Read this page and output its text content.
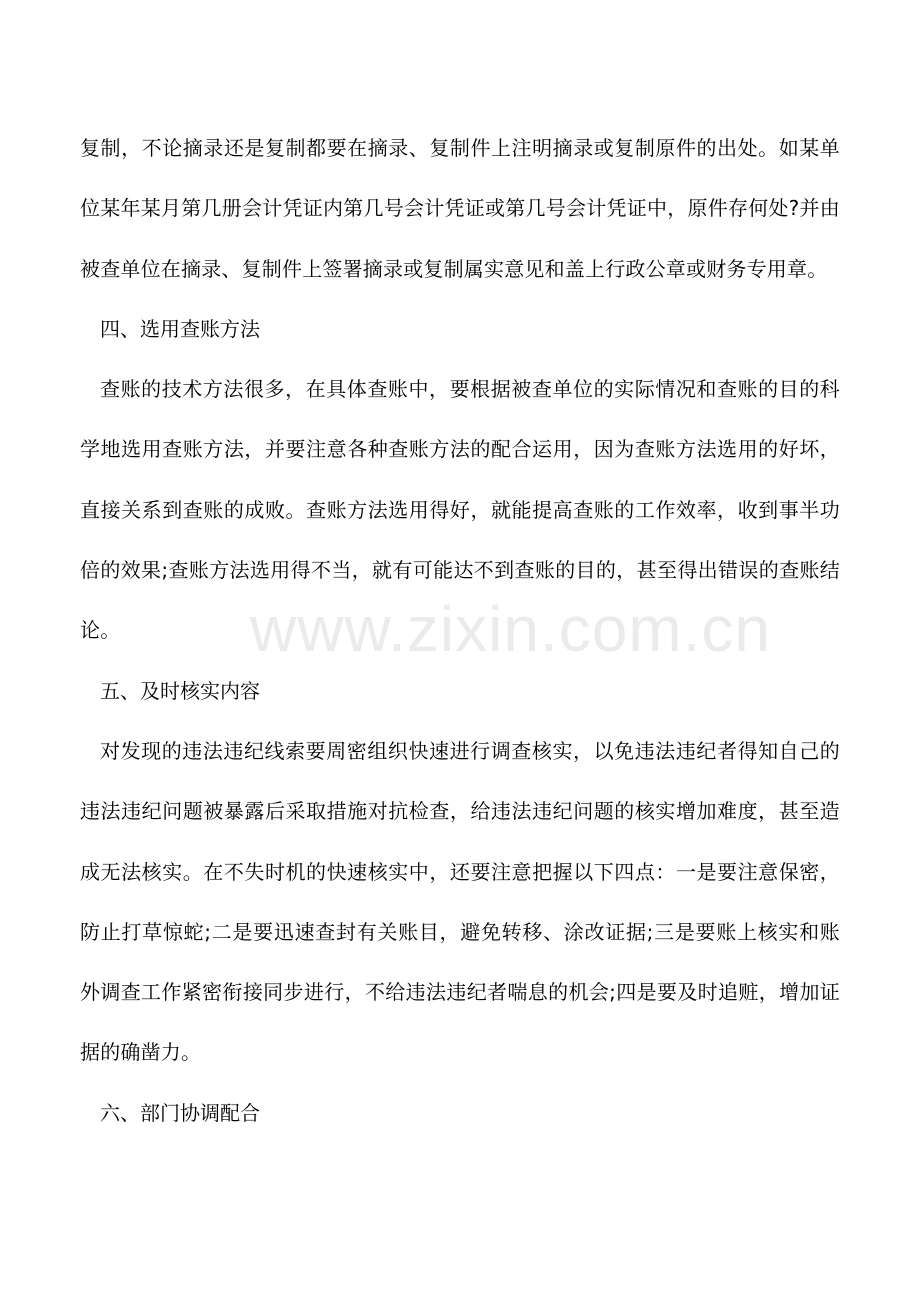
www.zixin.com.cn

复制，不论摘录还是复制都要在摘录、复制件上注明摘录或复制原件的出处。如某单位某年某月第几册会计凭证内第几号会计凭证或第几号会计凭证中，原件存何处?并由被查单位在摘录、复制件上签署摘录或复制属实意见和盖上行政公章或财务专用章。

四、选用查账方法

查账的技术方法很多，在具体查账中，要根据被查单位的实际情况和查账的目的科学地选用查账方法，并要注意各种查账方法的配合运用，因为查账方法选用的好坏，直接关系到查账的成败。查账方法选用得好，就能提高查账的工作效率，收到事半功倍的效果;查账方法选用得不当，就有可能达不到查账的目的，甚至得出错误的查账结论。

五、及时核实内容

对发现的违法违纪线索要周密组织快速进行调查核实，以免违法违纪者得知自己的违法违纪问题被暴露后采取措施对抗检查，给违法违纪问题的核实增加难度，甚至造成无法核实。在不失时机的快速核实中，还要注意把握以下四点：一是要注意保密，防止打草惊蛇;二是要迅速查封有关账目，避免转移、涂改证据;三是要账上核实和账外调查工作紧密衔接同步进行，不给违法违纪者喘息的机会;四是要及时追赃，增加证据的确凿力。

六、部门协调配合
